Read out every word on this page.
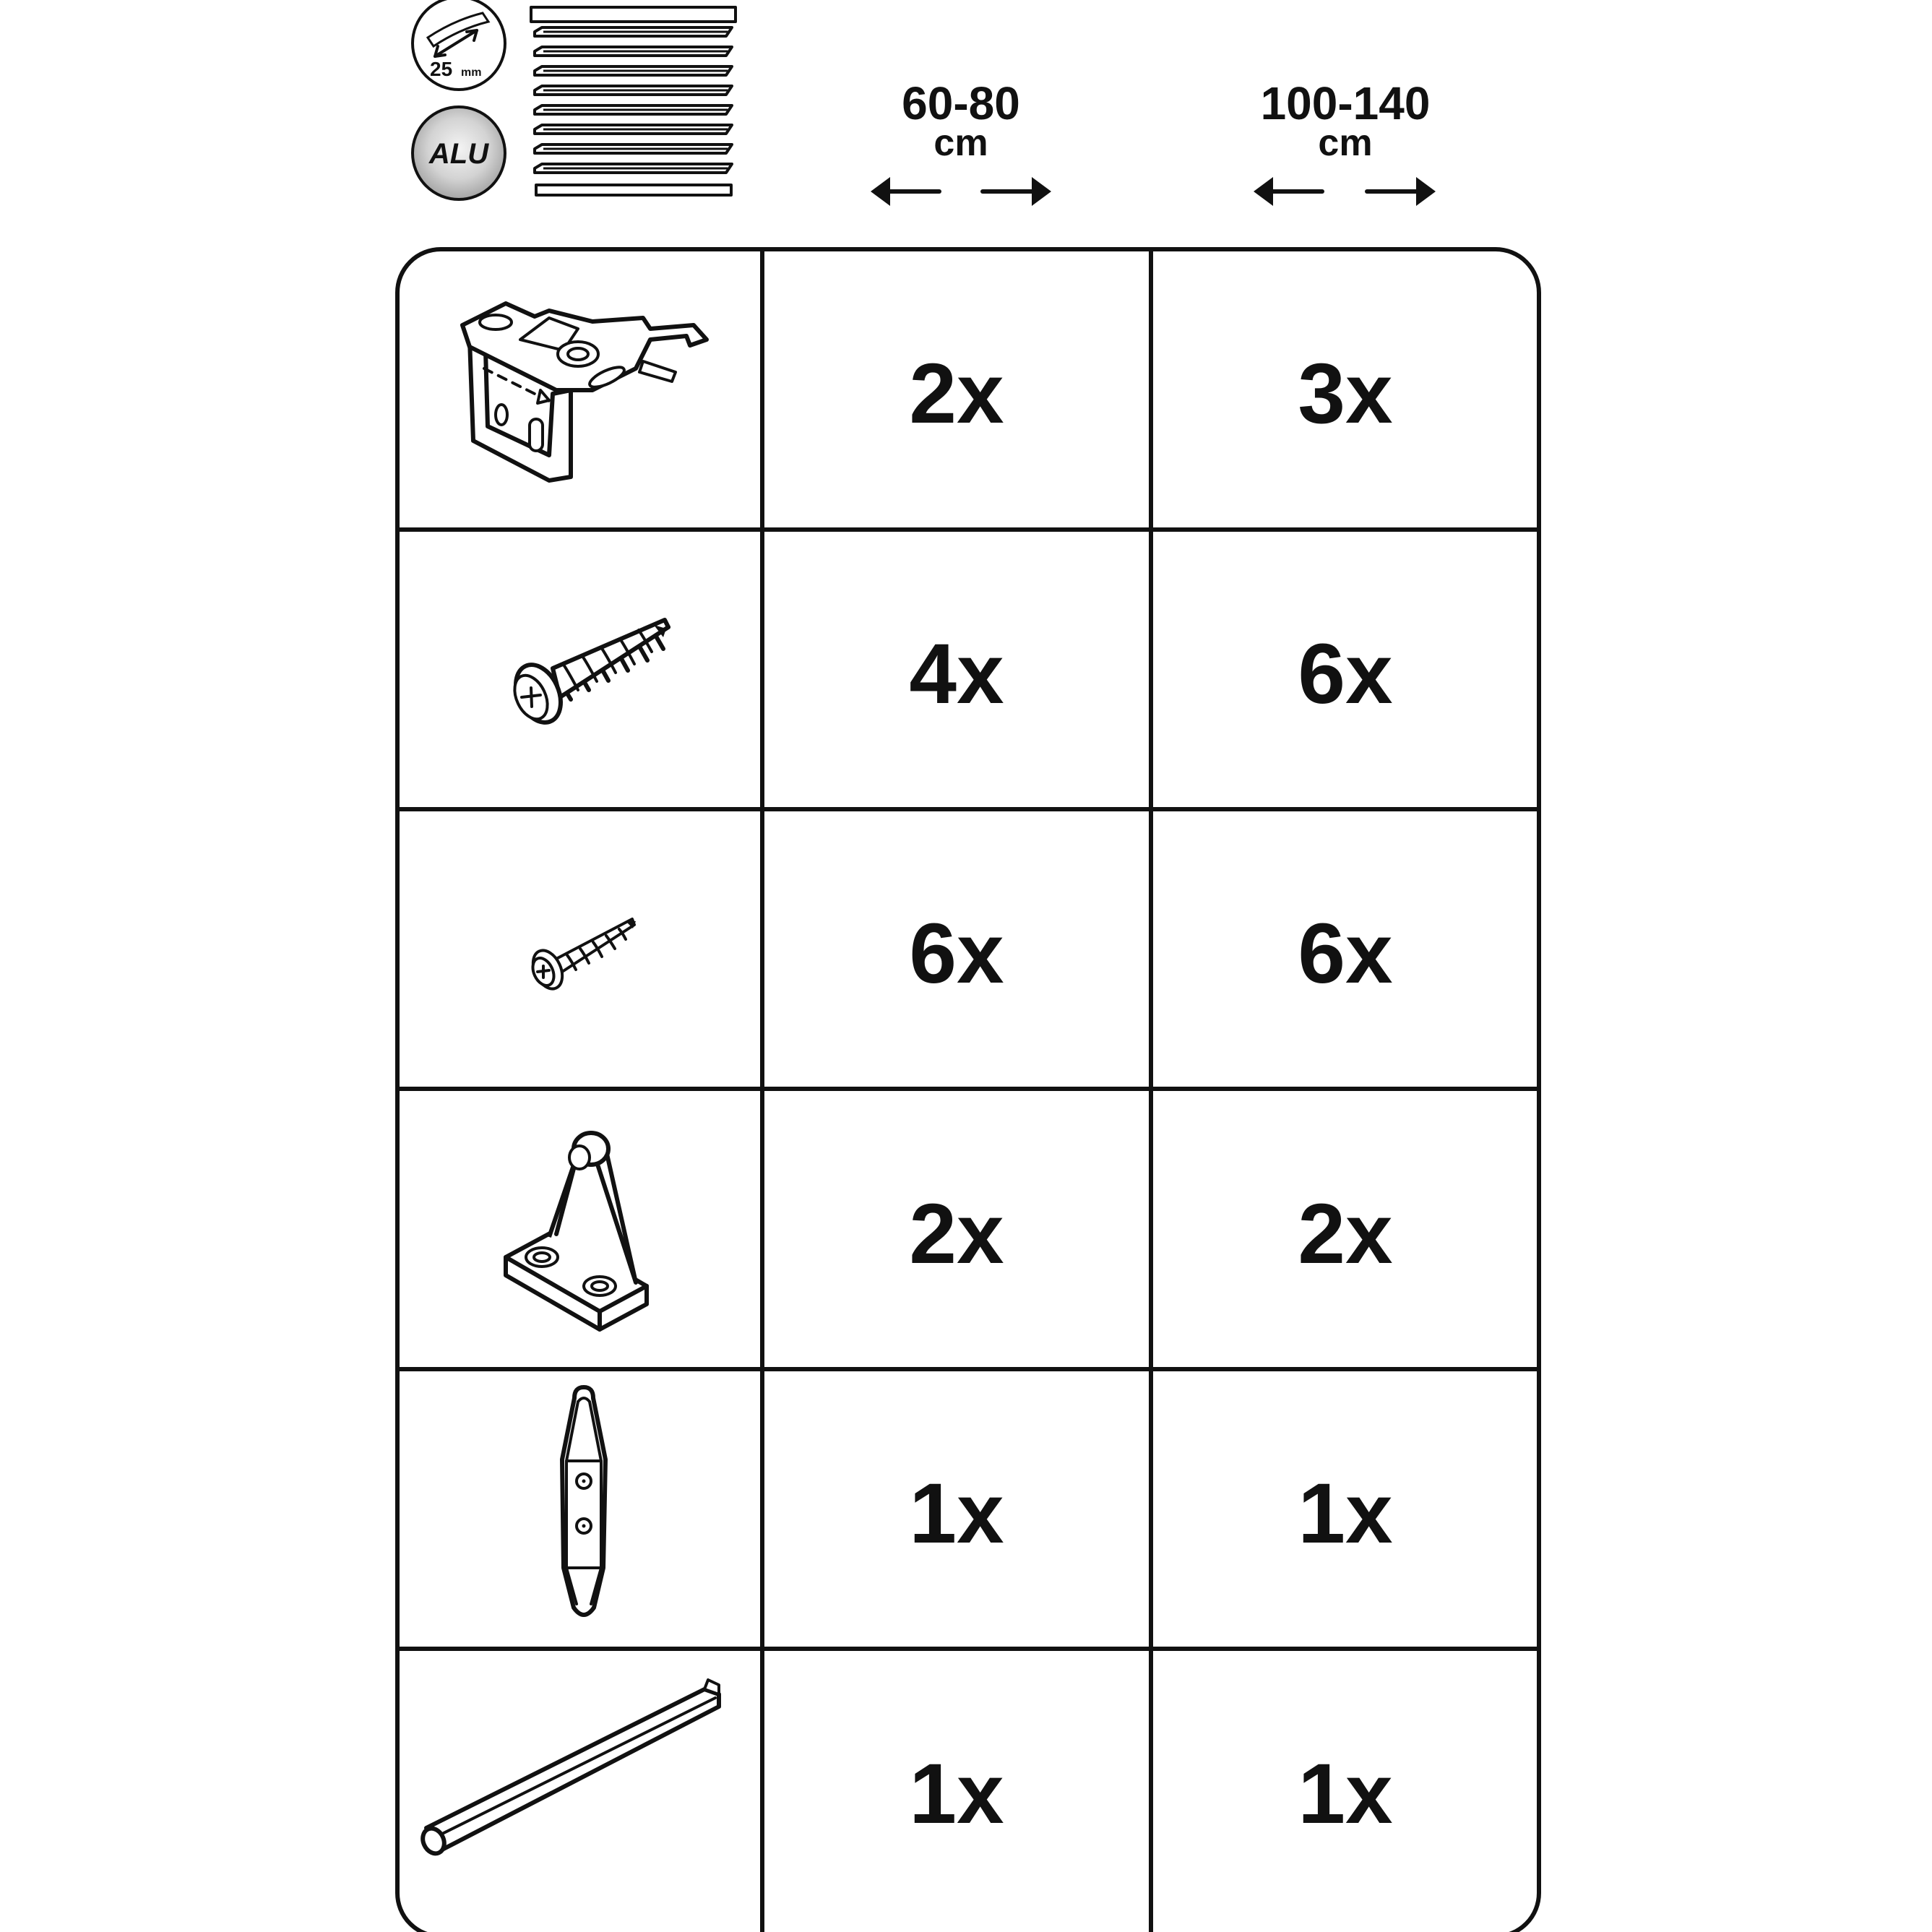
25 mm
ALU
60-80
cm
100-140
cm
2x	3x
4x	6x
6x	6x
2x	2x
1x	1x
1x	1x
